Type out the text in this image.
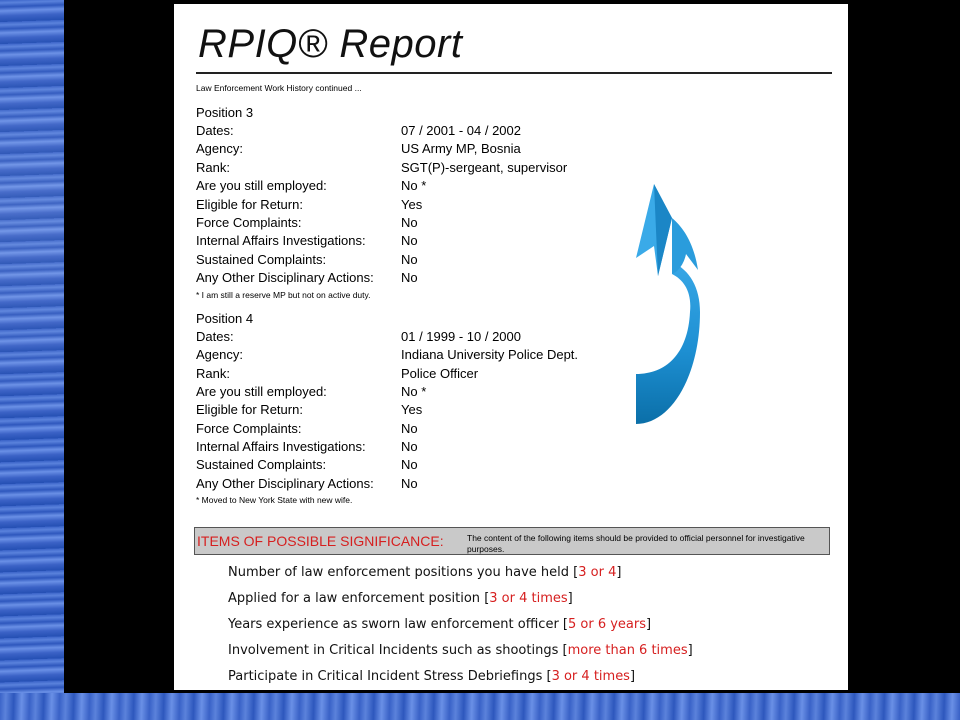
RPIQ® Report
Law Enforcement Work History continued ...
Position 3
Dates:	07 / 2001 - 04 / 2002
Agency:	US Army MP, Bosnia
Rank:	SGT(P)-sergeant, supervisor
Are you still employed:	No *
Eligible for Return:	Yes
Force Complaints:	No
Internal Affairs Investigations:	No
Sustained Complaints:	No
Any Other Disciplinary Actions: No
* I am still a reserve MP but not on active duty.
Position 4
Dates:	01 / 1999 - 10 / 2000
Agency:	Indiana University Police Dept.
Rank:	Police Officer
Are you still employed:	No *
Eligible for Return:	Yes
Force Complaints:	No
Internal Affairs Investigations:	No
Sustained Complaints:	No
Any Other Disciplinary Actions: No
* Moved to New York State with new wife.
ITEMS OF POSSIBLE SIGNIFICANCE:	The content of the following items should be provided to official personnel for investigative purposes.
Number of law enforcement positions you have held [3 or 4]
Applied for a law enforcement position [3 or 4 times]
Years experience as sworn law enforcement officer [5 or 6 years]
Involvement in Critical Incidents such as shootings [more than 6 times]
Participate in Critical Incident Stress Debriefings [3 or 4 times]
